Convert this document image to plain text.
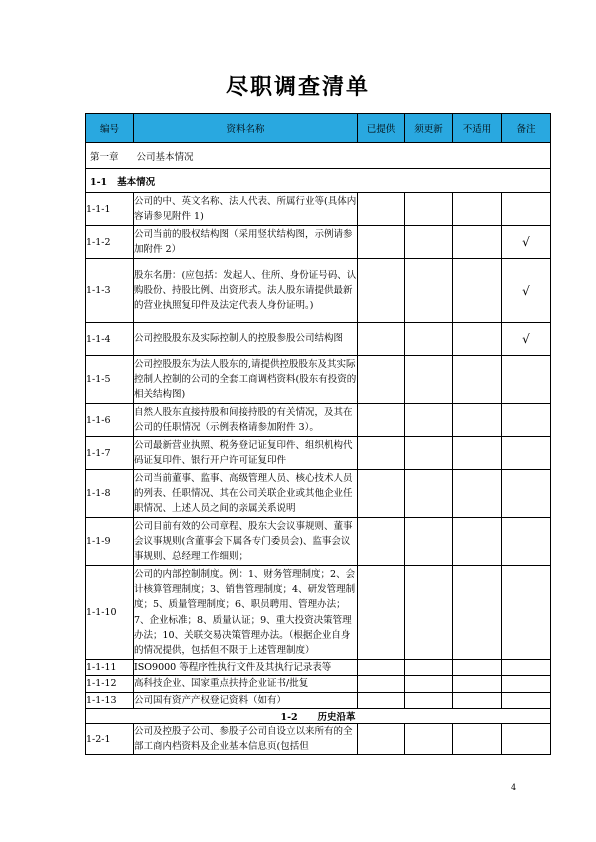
尽职调查清单
编号	资料名称	已提供	须更新	不适用	备注
第一章 公司基本情况					
1-1 基本情况					
1-1-1	公司的中、英文名称、法人代表、所属行业等(具体内容请参见附件 1)				
1-1-2	公司当前的股权结构图（采用竖状结构图，示例请参加附件 2）				√
1-1-3	股东名册：(应包括：发起人、住所、身份证号码、认购股份、持股比例、出资形式。法人股东请提供最新的营业执照复印件及法定代表人身份证明。)				√
1-1-4	公司控股股东及实际控制人的控股参股公司结构图				√
1-1-5	公司控股股东为法人股东的,请提供控股股东及其实际控制人控制的公司的全套工商调档资料(股东有投资的相关结构图)				
1-1-6	自然人股东直接持股和间接持股的有关情况，及其在公司的任职情况（示例表格请参加附件 3）。				
1-1-7	公司最新营业执照、税务登记证复印件、组织机构代码证复印件、银行开户许可证复印件				
1-1-8	公司当前董事、监事、高级管理人员、核心技术人员的列表、任职情况、其在公司关联企业或其他企业任职情况、上述人员之间的亲属关系说明				
1-1-9	公司目前有效的公司章程、股东大会议事规则、董事会议事规则(含董事会下属各专门委员会)、监事会议事规则、总经理工作细则；				
1-1-10	公司的内部控制制度。例：1、财务管理制度；2、会计核算管理制度；3、销售管理制度；4、研发管理制度；5、质量管理制度；6、职员聘用、管理办法；7、企业标准；8、质量认证；9、重大投资决策管理办法；10、关联交易决策管理办法。（根据企业自身的情况提供，包括但不限于上述管理制度）				
1-1-11	ISO9000 等程序性执行文件及其执行记录表等				
1-1-12	高科技企业、国家重点扶持企业证书/批复				
1-1-13	公司国有资产产权登记资料（如有）				
1-2 历史沿革					
1-2-1	公司及控股子公司、参股子公司自设立以来所有的全部工商内档资料及企业基本信息页(包括但				
4
